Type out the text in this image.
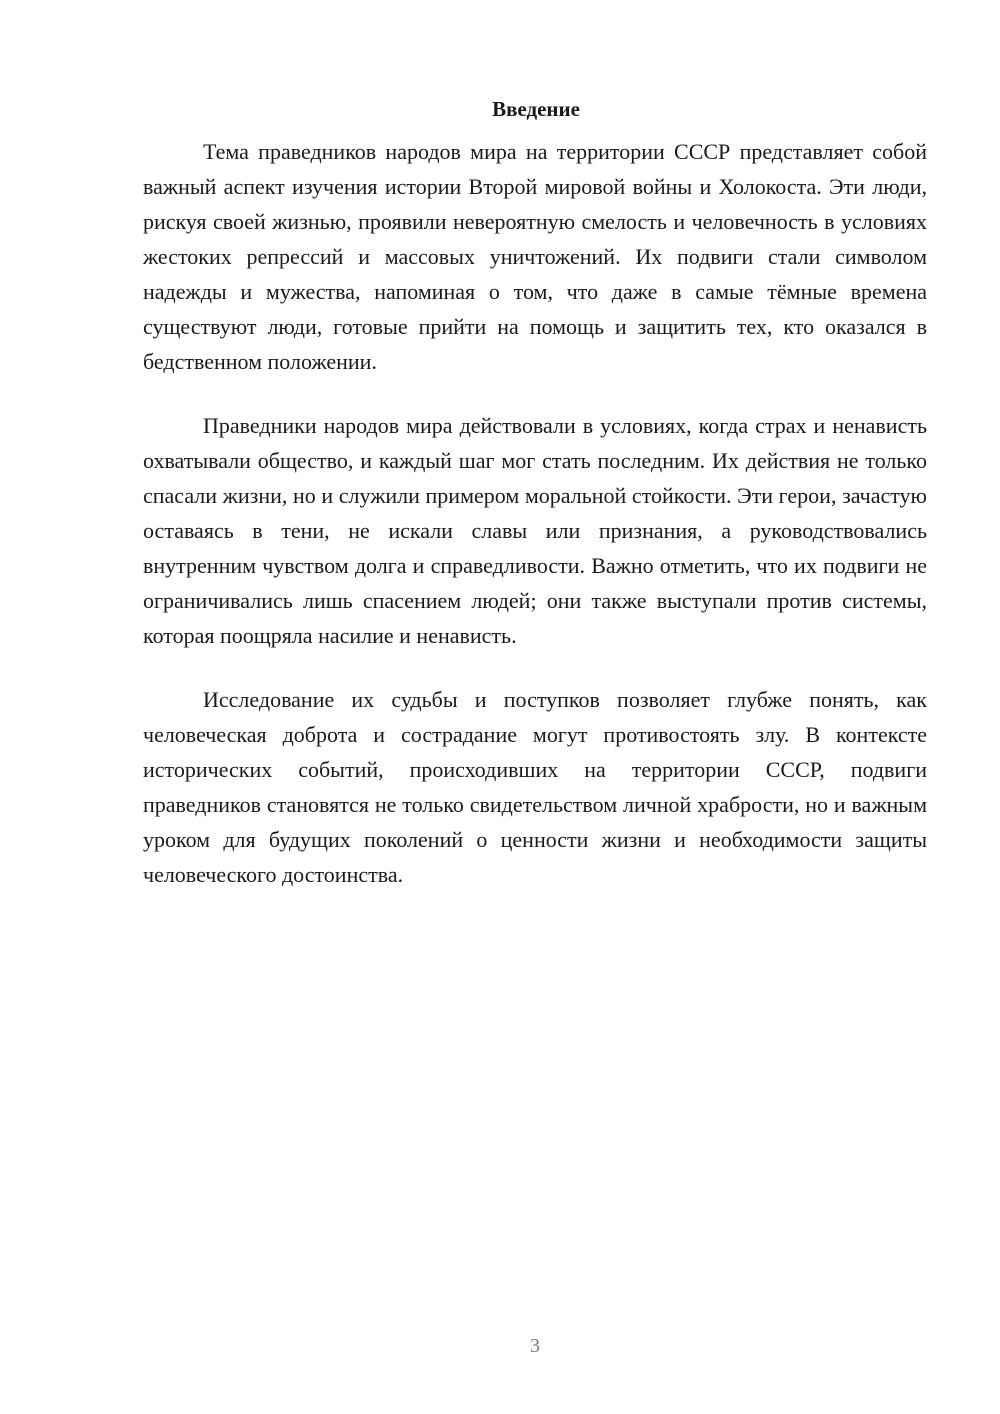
Введение

Тема праведников народов мира на территории СССР представляет собой важный аспект изучения истории Второй мировой войны и Холокоста. Эти люди, рискуя своей жизнью, проявили невероятную смелость и человечность в условиях жестоких репрессий и массовых уничтожений. Их подвиги стали символом надежды и мужества, напоминая о том, что даже в самые тёмные времена существуют люди, готовые прийти на помощь и защитить тех, кто оказался в бедственном положении.

Праведники народов мира действовали в условиях, когда страх и ненависть охватывали общество, и каждый шаг мог стать последним. Их действия не только спасали жизни, но и служили примером моральной стойкости. Эти герои, зачастую оставаясь в тени, не искали славы или признания, а руководствовались внутренним чувством долга и справедливости. Важно отметить, что их подвиги не ограничивались лишь спасением людей; они также выступали против системы, которая поощряла насилие и ненависть.

Исследование их судьбы и поступков позволяет глубже понять, как человеческая доброта и сострадание могут противостоять злу. В контексте исторических событий, происходивших на территории СССР, подвиги праведников становятся не только свидетельством личной храбрости, но и важным уроком для будущих поколений о ценности жизни и необходимости защиты человеческого достоинства.

3
